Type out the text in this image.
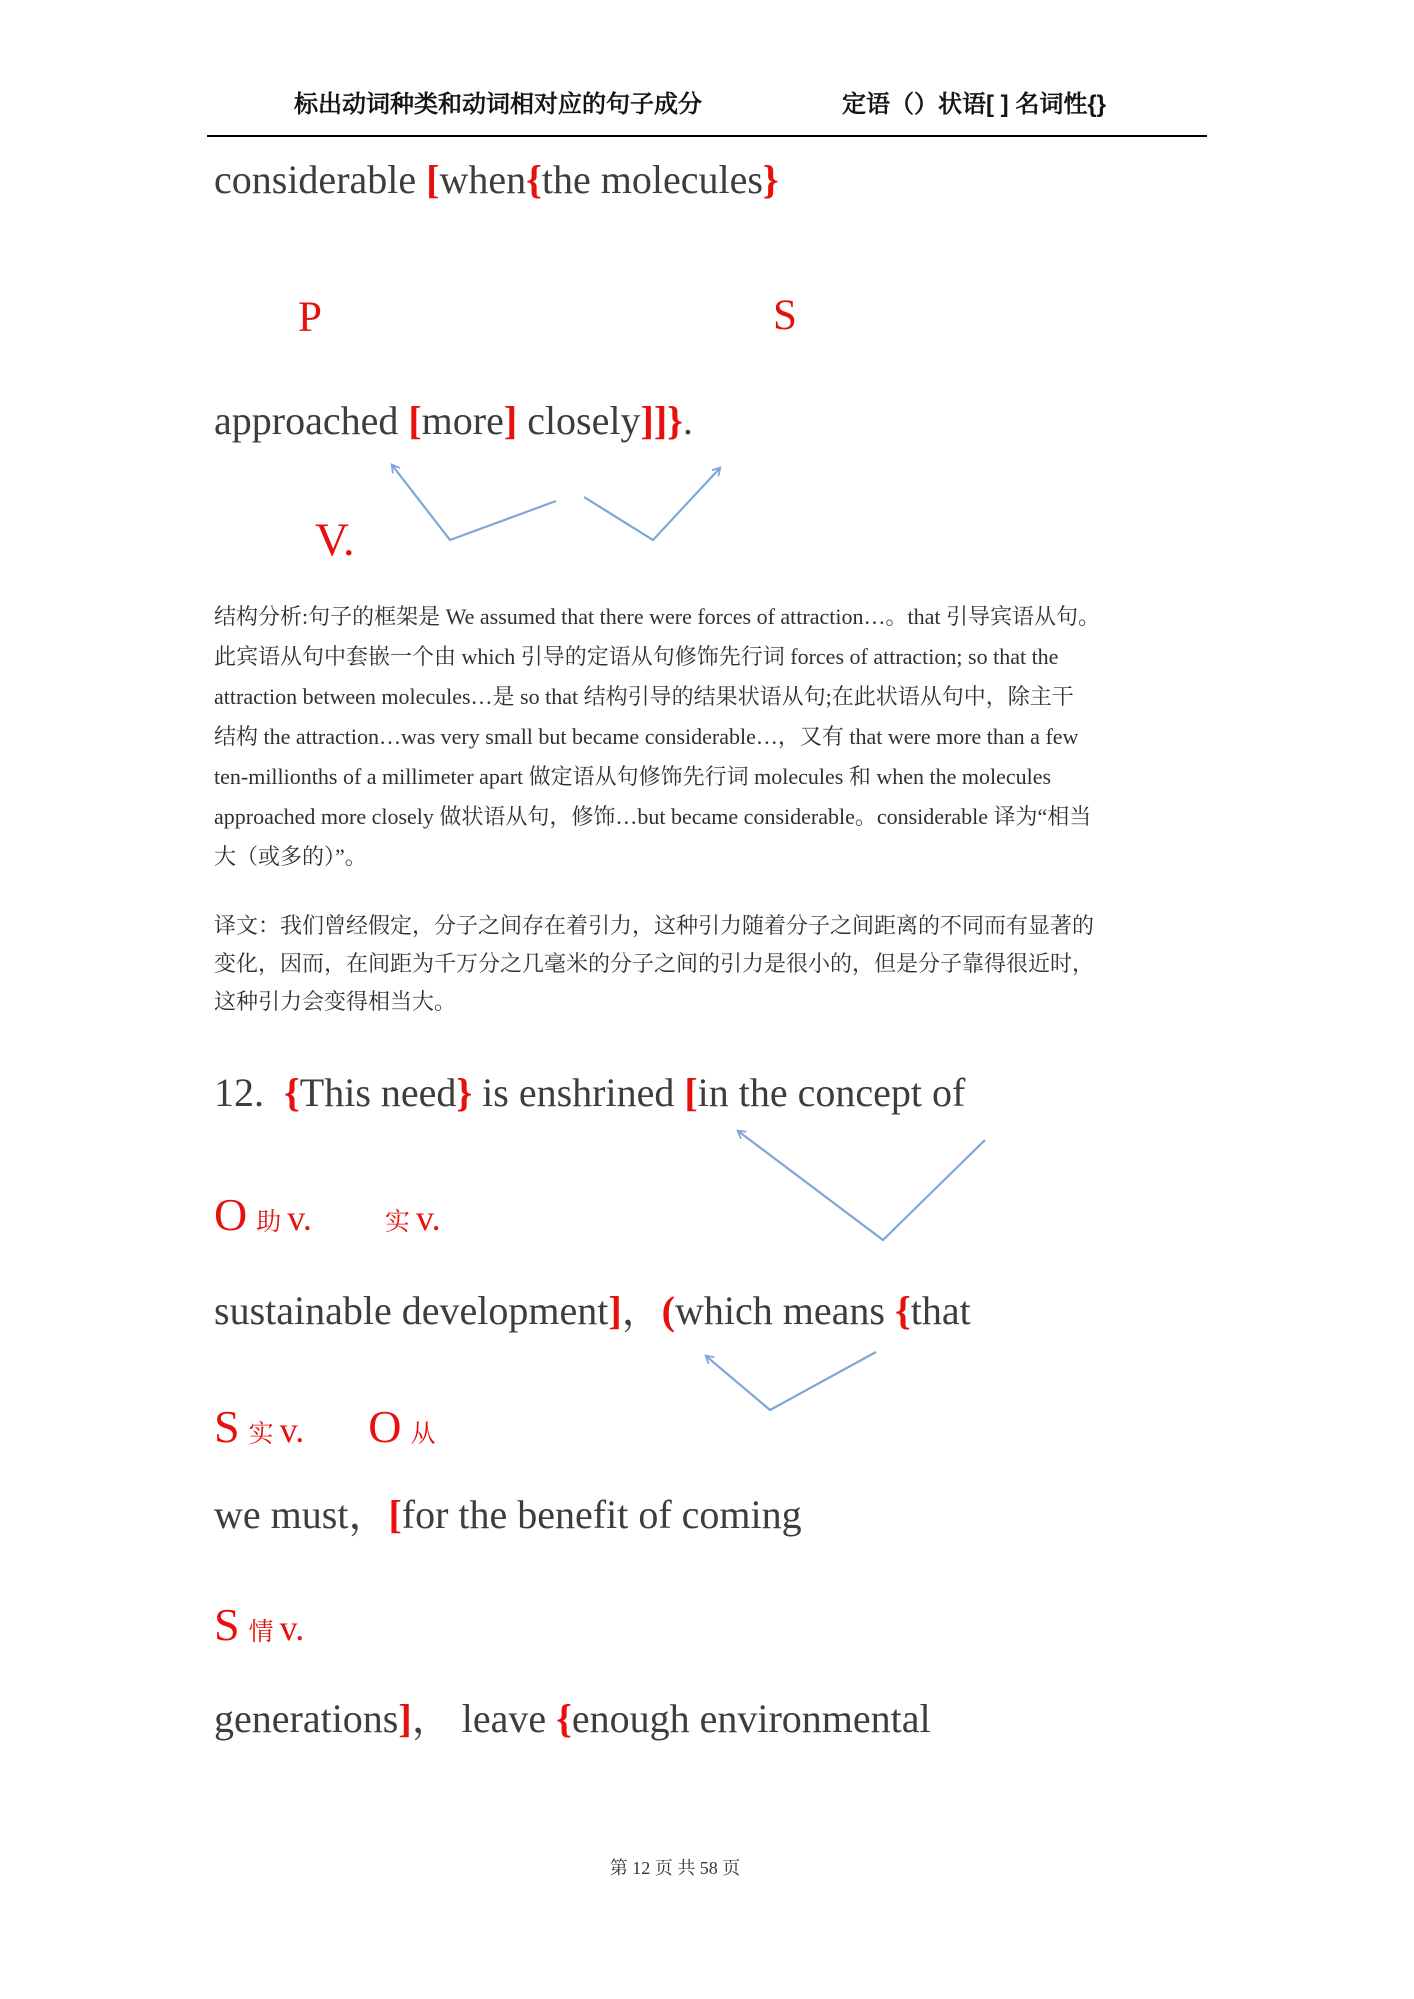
标出动词种类和动词相对应的句子成分	定语（）状语[ ] 名词性{}
considerable [when{the molecules}
P	S
approached [more] closely]]}.
V.
结构分析:句子的框架是 We assumed that there were forces of attraction…。that 引导宾语从句。
此宾语从句中套嵌一个由 which 引导的定语从句修饰先行词 forces of attraction; so that the
attraction between molecules…是 so that 结构引导的结果状语从句;在此状语从句中，除主干
结构 the attraction…was very small but became considerable…，又有 that were more than a few
ten-millionths of a millimeter apart 做定语从句修饰先行词 molecules 和 when the molecules
approached more closely 做状语从句，修饰…but became considerable。considerable 译为“相当
大（或多的）”。
译文：我们曾经假定，分子之间存在着引力，这种引力随着分子之间距离的不同而有显著的
变化，因而，在间距为千万分之几毫米的分子之间的引力是很小的，但是分子靠得很近时，
这种引力会变得相当大。
12.  {This need} is enshrined [in the concept of
O 助 v.	实 v.
sustainable development]，(which means {that
S 实 v. O 从
we must，[for the benefit of coming
S 情 v.
generations]， leave {enough environmental
第 12 页 共 58 页
